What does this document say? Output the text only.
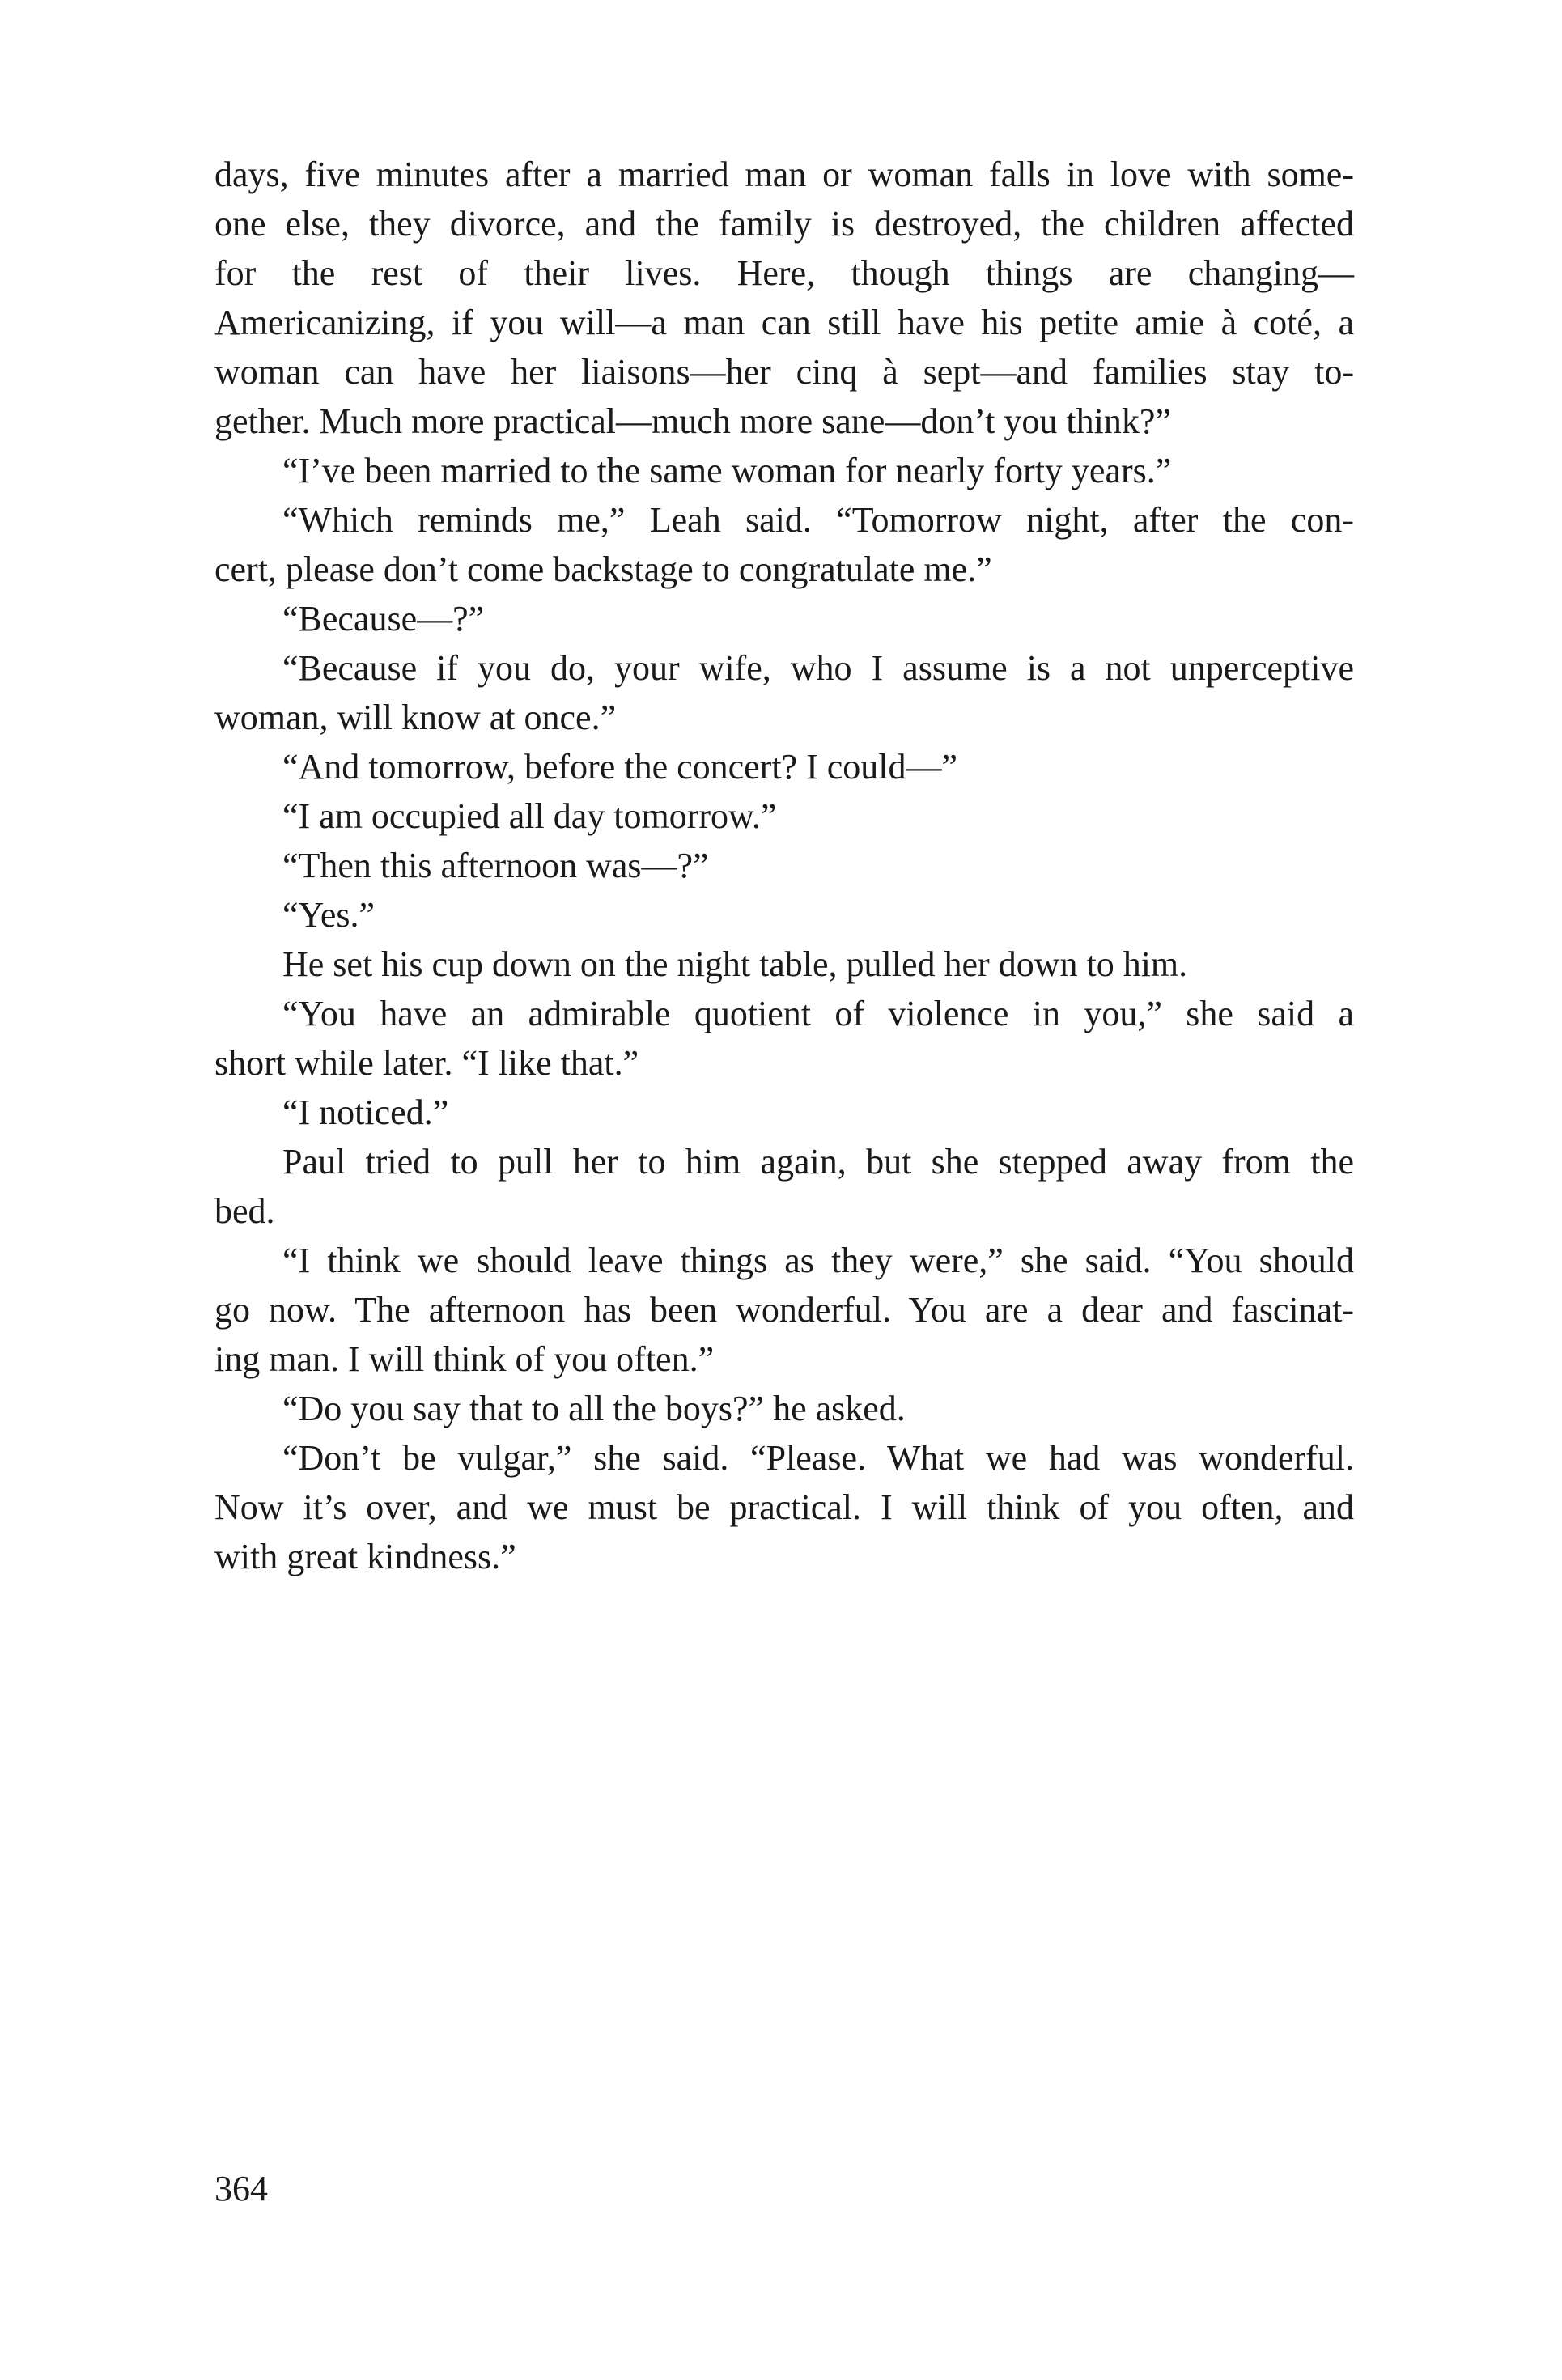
days, five minutes after a married man or woman falls in love with some-
one else, they divorce, and the family is destroyed, the children affected
for the rest of their lives. Here, though things are changing—
Americanizing, if you will—a man can still have his petite amie à coté, a
woman can have her liaisons—her cinq à sept—and families stay to-
gether. Much more practical—much more sane—don’t you think?”
“I’ve been married to the same woman for nearly forty years.”
“Which reminds me,” Leah said. “Tomorrow night, after the con-
cert, please don’t come backstage to congratulate me.”
“Because—?”
“Because if you do, your wife, who I assume is a not unperceptive
woman, will know at once.”
“And tomorrow, before the concert? I could—”
“I am occupied all day tomorrow.”
“Then this afternoon was—?”
“Yes.”
He set his cup down on the night table, pulled her down to him.
“You have an admirable quotient of violence in you,” she said a
short while later. “I like that.”
“I noticed.”
Paul tried to pull her to him again, but she stepped away from the
bed.
“I think we should leave things as they were,” she said. “You should
go now. The afternoon has been wonderful. You are a dear and fascinat-
ing man. I will think of you often.”
“Do you say that to all the boys?” he asked.
“Don’t be vulgar,” she said. “Please. What we had was wonderful.
Now it’s over, and we must be practical. I will think of you often, and
with great kindness.”
364
